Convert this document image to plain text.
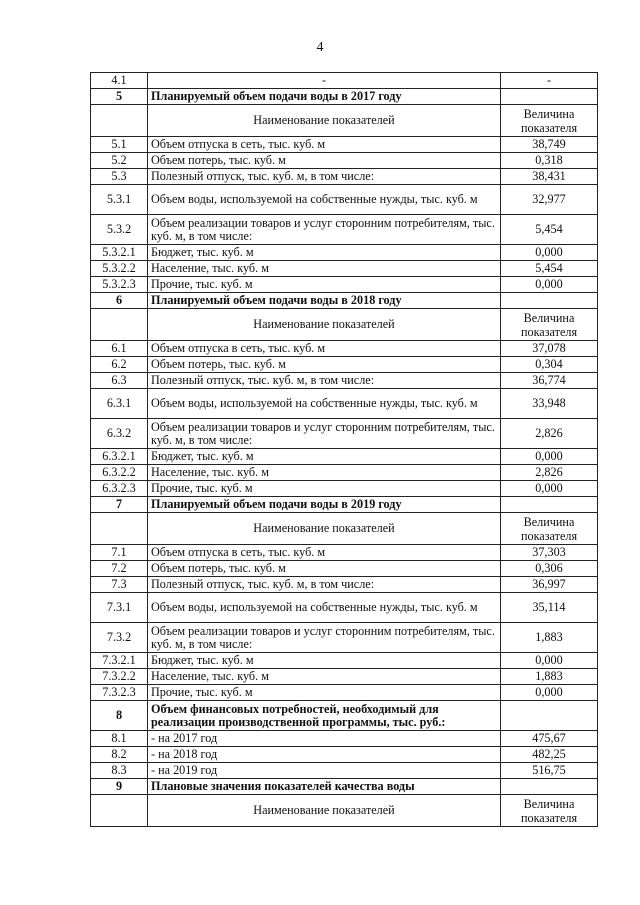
4
4.1	-	-
5	Планируемый объем подачи воды в 2017 году	
	Наименование показателей	Величина показателя
5.1	Объем отпуска в сеть, тыс. куб. м	38,749
5.2	Объем потерь, тыс. куб. м	0,318
5.3	Полезный отпуск, тыс. куб. м, в том числе:	38,431
5.3.1	Объем воды, используемой на собственные нужды, тыс. куб. м	32,977
5.3.2	Объем реализации товаров и услуг сторонним потребителям, тыс. куб. м, в том числе:	5,454
5.3.2.1	Бюджет, тыс. куб. м	0,000
5.3.2.2	Население, тыс. куб. м	5,454
5.3.2.3	Прочие, тыс. куб. м	0,000
6	Планируемый объем подачи воды в 2018 году	
	Наименование показателей	Величина показателя
6.1	Объем отпуска в сеть, тыс. куб. м	37,078
6.2	Объем потерь, тыс. куб. м	0,304
6.3	Полезный отпуск, тыс. куб. м, в том числе:	36,774
6.3.1	Объем воды, используемой на собственные нужды, тыс. куб. м	33,948
6.3.2	Объем реализации товаров и услуг сторонним потребителям, тыс. куб. м, в том числе:	2,826
6.3.2.1	Бюджет, тыс. куб. м	0,000
6.3.2.2	Население, тыс. куб. м	2,826
6.3.2.3	Прочие, тыс. куб. м	0,000
7	Планируемый объем подачи воды в 2019 году	
	Наименование показателей	Величина показателя
7.1	Объем отпуска в сеть, тыс. куб. м	37,303
7.2	Объем потерь, тыс. куб. м	0,306
7.3	Полезный отпуск, тыс. куб. м, в том числе:	36,997
7.3.1	Объем воды, используемой на собственные нужды, тыс. куб. м	35,114
7.3.2	Объем реализации товаров и услуг сторонним потребителям, тыс. куб. м, в том числе:	1,883
7.3.2.1	Бюджет, тыс. куб. м	0,000
7.3.2.2	Население, тыс. куб. м	1,883
7.3.2.3	Прочие, тыс. куб. м	0,000
8	Объем финансовых потребностей, необходимый для реализации производственной программы, тыс. руб.:	
8.1	- на 2017 год	475,67
8.2	- на 2018 год	482,25
8.3	- на 2019 год	516,75
9	Плановые значения показателей качества воды	
	Наименование показателей	Величина показателя
